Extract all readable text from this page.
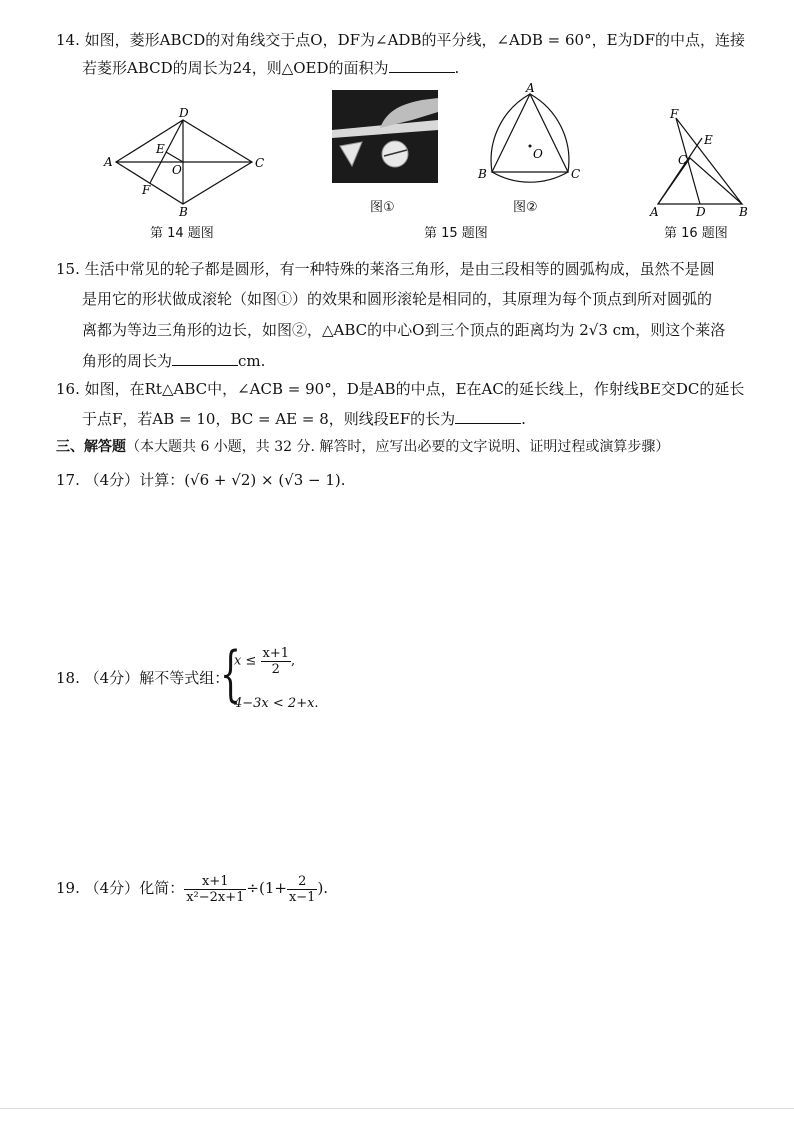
14. 如图，菱形ABCD的对角线交于点O，DF为∠ADB的平分线，∠ADB = 60°，E为DF的中点，连接
若菱形ABCD的周长为24，则△OED的面积为	.
A
D
C
B
E
F
O
第 14 题图
图①
A
B	C
O
图②
第 15 题图
F
E
C
A	D	B
第 16 题图
15. 生活中常见的轮子都是圆形，有一种特殊的莱洛三角形，是由三段相等的圆弧构成，虽然不是圆
是用它的形状做成滚轮（如图①）的效果和圆形滚轮是相同的，其原理为每个顶点到所对圆弧的
离都为等边三角形的边长，如图②，△ABC的中心O到三个顶点的距离均为 2√3 cm，则这个莱洛
角形的周长为	cm.
16. 如图，在Rt△ABC中，∠ACB = 90°，D是AB的中点，E在AC的延长线上，作射线BE交DC的延长
于点F，若AB = 10，BC = AE = 8，则线段EF的长为	.
三、解答题（本大题共 6 小题，共 32 分. 解答时，应写出必要的文字说明、证明过程或演算步骤）
17. （4分）计算：(√6 + √2) × (√3 − 1).
18. （4分）解不等式组：
{
$x \le \frac{x+1}{2}$ ,
4−3x < 2+x.
19. （4分）化简： $\frac{x+1}{\text{x²−2x+1}} \div(1+ \frac{2}{x-1}$ ).
